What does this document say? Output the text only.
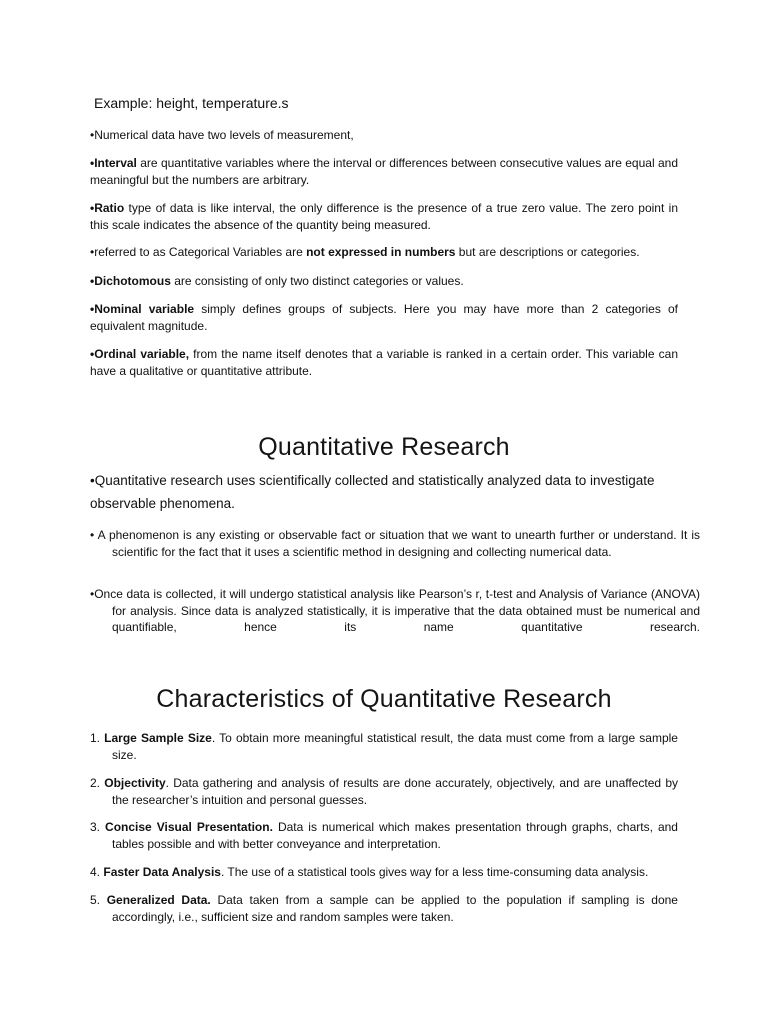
Example: height, temperature.s

•Numerical data have two levels of measurement,

•Interval are quantitative variables where the interval or differences between consecutive values are equal and meaningful but the numbers are arbitrary.

•Ratio type of data is like interval, the only difference is the presence of a true zero value. The zero point in this scale indicates the absence of the quantity being measured.

•referred to as Categorical Variables are not expressed in numbers but are descriptions or categories.

•Dichotomous are consisting of only two distinct categories or values.

•Nominal variable simply defines groups of subjects. Here you may have more than 2 categories of equivalent magnitude.

•Ordinal variable, from the name itself denotes that a variable is ranked in a certain order. This variable can have a qualitative or quantitative attribute.

Quantitative Research

•Quantitative research uses scientifically collected and statistically analyzed data to investigate observable phenomena.

• A phenomenon is any existing or observable fact or situation that we want to unearth further or understand. It is scientific for the fact that it uses a scientific method in designing and collecting numerical data.

•Once data is collected, it will undergo statistical analysis like Pearson’s r, t-test and Analysis of Variance (ANOVA) for analysis. Since data is analyzed statistically, it is imperative that the data obtained must be numerical and quantifiable, hence its name quantitative research.

Characteristics of Quantitative Research
1. Large Sample Size. To obtain more meaningful statistical result, the data must come from a large sample size.
2. Objectivity. Data gathering and analysis of results are done accurately, objectively, and are unaffected by the researcher’s intuition and personal guesses.
3. Concise Visual Presentation. Data is numerical which makes presentation through graphs, charts, and tables possible and with better conveyance and interpretation.
4. Faster Data Analysis. The use of a statistical tools gives way for a less time-consuming data analysis.
5. Generalized Data. Data taken from a sample can be applied to the population if sampling is done accordingly, i.e., sufficient size and random samples were taken.
